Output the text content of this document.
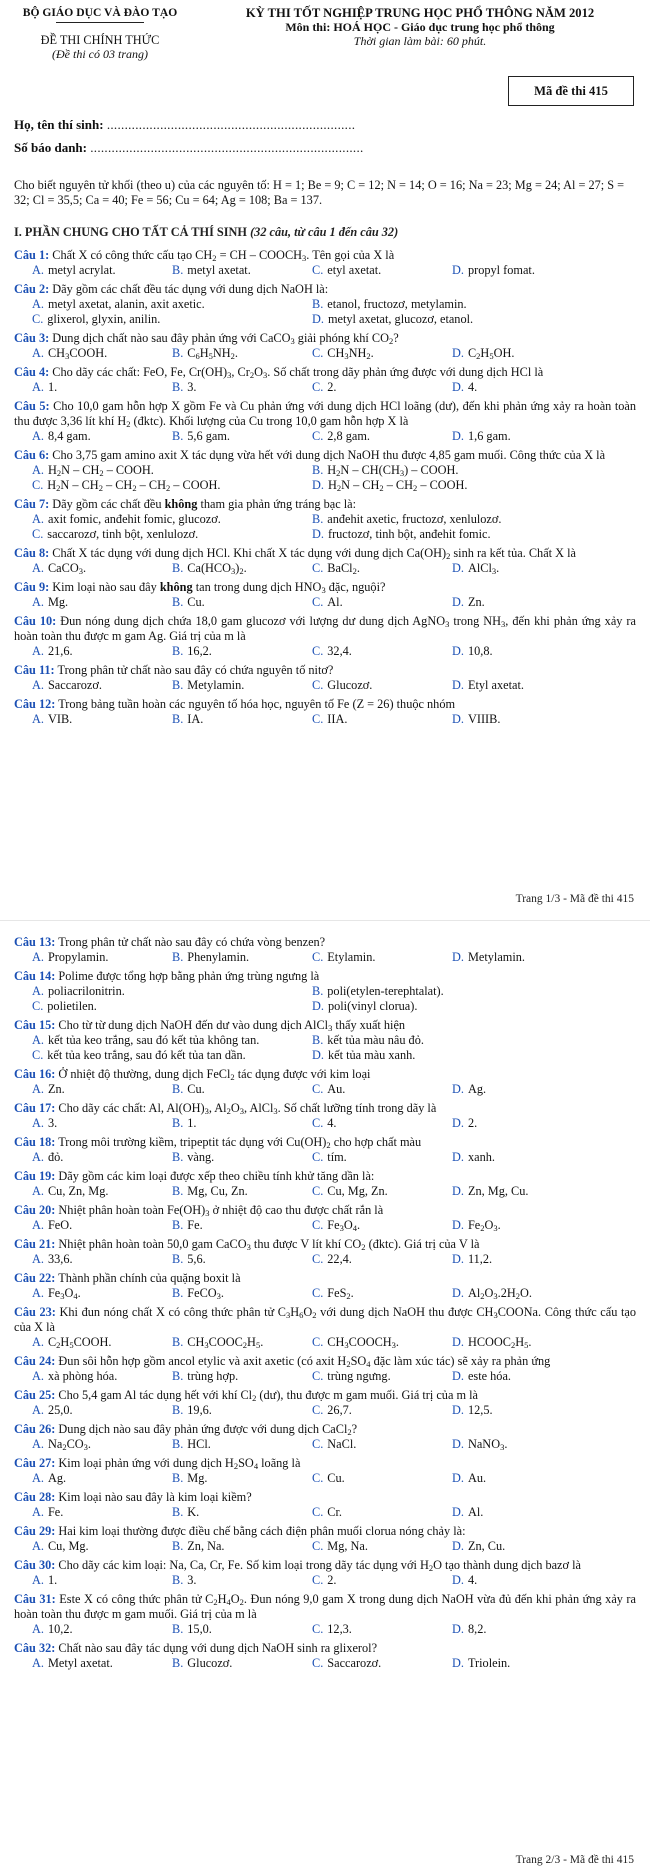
BỘ GIÁO DỤC VÀ ĐÀO TẠO
ĐỀ THI CHÍNH THỨC
(Đề thi có 03 trang)
KỲ THI TỐT NGHIỆP TRUNG HỌC PHỔ THÔNG NĂM 2012
Môn thi: HOÁ HỌC - Giáo dục trung học phổ thông
Thời gian làm bài: 60 phút.
Mã đề thi 415
Họ, tên thí sinh: ......................................................................
Số báo danh: .............................................................................
Cho biết nguyên tử khối (theo u) của các nguyên tố: H = 1; Be = 9; C = 12; N = 14; O = 16; Na = 23; Mg = 24; Al = 27; S = 32; Cl = 35,5; Ca = 40; Fe = 56; Cu = 64; Ag = 108; Ba = 137.
I. PHẦN CHUNG CHO TẤT CẢ THÍ SINH (32 câu, từ câu 1 đến câu 32)
Câu 1: Chất X có công thức cấu tạo $CH_2$ = CH – $COOCH_3$. Tên gọi của X là
A. metyl acrylat.	B. metyl axetat.	C. etyl axetat.	D. propyl fomat.
Câu 2: Dãy gồm các chất đều tác dụng với dung dịch NaOH là:
A. metyl axetat, alanin, axit axetic.	B. etanol, fructozơ, metylamin.
C. glixerol, glyxin, anilin.	D. metyl axetat, glucozơ, etanol.
Câu 3: Dung dịch chất nào sau đây phản ứng với CaCO$_3$ giải phóng khí $CO_2$?
A. $CH_3COOH$.	B. $C_6H_5NH_2$.	C. $CH_3NH_2$.	D. $C_2H_5OH$.
Câu 4: Cho dãy các chất: FeO, Fe, $Cr(OH)_3$, $Cr_2O_3$. Số chất trong dãy phản ứng được với dung dịch HCl là
A. 1.	B. 3.	C. 2.	D. 4.
Câu 5: Cho 10,0 gam hỗn hợp X gồm Fe và Cu phản ứng với dung dịch HCl loãng (dư), đến khi phản ứng xảy ra hoàn toàn thu được 3,36 lít khí $H_2$ (đktc). Khối lượng của Cu trong 10,0 gam hỗn hợp X là
A. 8,4 gam.	B. 5,6 gam.	C. 2,8 gam.	D. 1,6 gam.
Câu 6: Cho 3,75 gam amino axit X tác dụng vừa hết với dung dịch NaOH thu được 4,85 gam muối. Công thức của X là
A. $H_2N - CH_2$ – COOH.	B. $H_2N - CH(CH_3)$ – COOH.
C. $H_2N - CH_2 - CH_2 - CH_2$ – COOH.	D. $H_2N - CH_2 - CH_2$ – COOH.
Câu 7: Dãy gồm các chất đều không tham gia phản ứng tráng bạc là:
A. axit fomic, anđehit fomic, glucozơ.	B. anđehit axetic, fructozơ, xenlulozơ.
C. saccarozơ, tinh bột, xenlulozơ.	D. fructozơ, tinh bột, anđehit fomic.
Câu 8: Chất X tác dụng với dung dịch HCl. Khi chất X tác dụng với dung dịch $Ca(OH)_2$ sinh ra kết tủa. Chất X là
A. CaCO$_3$.	B. $Ca(HCO_3)_2$.	C. BaCl$_2$.	D. AlCl$_3$.
Câu 9: Kim loại nào sau đây không tan trong dung dịch $HNO_3$ đặc, nguội?
A. Mg.	B. Cu.	C. Al.	D. Zn.
Câu 10: Đun nóng dung dịch chứa 18,0 gam glucozơ với lượng dư dung dịch AgNO$_3$ trong $NH_3$, đến khi phản ứng xảy ra hoàn toàn thu được m gam Ag. Giá trị của m là
A. 21,6.	B. 16,2.	C. 32,4.	D. 10,8.
Câu 11: Trong phân tử chất nào sau đây có chứa nguyên tố nitơ?
A. Saccarozơ.	B. Metylamin.	C. Glucozơ.	D. Etyl axetat.
Câu 12: Trong bảng tuần hoàn các nguyên tố hóa học, nguyên tố Fe (Z = 26) thuộc nhóm
A. VIB.	B. IA.	C. IIA.	D. VIIIB.
Trang 1/3 - Mã đề thi 415
Câu 13: Trong phân tử chất nào sau đây có chứa vòng benzen?
A. Propylamin.	B. Phenylamin.	C. Etylamin.	D. Metylamin.
Câu 14: Polime được tổng hợp bằng phản ứng trùng ngưng là
A. poliacrilonitrin.	B. poli(etylen-terephtalat).
C. polietilen.	D. poli(vinyl clorua).
Câu 15: Cho từ từ dung dịch NaOH đến dư vào dung dịch AlCl$_3$ thấy xuất hiện
A. kết tủa keo trắng, sau đó kết tủa không tan.	B. kết tủa màu nâu đỏ.
C. kết tủa keo trắng, sau đó kết tủa tan dần.	D. kết tủa màu xanh.
Câu 16: Ở nhiệt độ thường, dung dịch FeCl$_2$ tác dụng được với kim loại
A. Zn.	B. Cu.	C. Au.	D. Ag.
Câu 17: Cho dãy các chất: Al, $Al(OH)_3$, $Al_2O_3$, AlCl$_3$. Số chất lưỡng tính trong dãy là
A. 3.	B. 1.	C. 4.	D. 2.
Câu 18: Trong môi trường kiềm, tripeptit tác dụng với $Cu(OH)_2$ cho hợp chất màu
A. đỏ.	B. vàng.	C. tím.	D. xanh.
Câu 19: Dãy gồm các kim loại được xếp theo chiều tính khử tăng dần là:
A. Cu, Zn, Mg.	B. Mg, Cu, Zn.	C. Cu, Mg, Zn.	D. Zn, Mg, Cu.
Câu 20: Nhiệt phân hoàn toàn $Fe(OH)_3$ ở nhiệt độ cao thu được chất rắn là
A. FeO.	B. Fe.	C. $Fe_3O_4$.	D. $Fe_2O_3$.
Câu 21: Nhiệt phân hoàn toàn 50,0 gam CaCO$_3$ thu được V lít khí $CO_2$ (đktc). Giá trị của V là
A. 33,6.	B. 5,6.	C. 22,4.	D. 11,2.
Câu 22: Thành phần chính của quặng boxit là
A. $Fe_3O_4$.	B. FeCO$_3$.	C. FeS$_2$.	D. $Al_2O_3.2H_2O$.
Câu 23: Khi đun nóng chất X có công thức phân tử $C_3H_6O_2$ với dung dịch NaOH thu được $CH_3COONa$. Công thức cấu tạo của X là
A. $C_2H_5COOH$.	B. $CH_3COOC_2H_5$.	C. $CH_3COOCH_3$.	D. $HCOOC_2H_5$.
Câu 24: Đun sôi hỗn hợp gồm ancol etylic và axit axetic (có axit $H_2SO_4$ đặc làm xúc tác) sẽ xảy ra phản ứng
A. xà phòng hóa.	B. trùng hợp.	C. trùng ngưng.	D. este hóa.
Câu 25: Cho 5,4 gam Al tác dụng hết với khí $Cl_2$ (dư), thu được m gam muối. Giá trị của m là
A. 25,0.	B. 19,6.	C. 26,7.	D. 12,5.
Câu 26: Dung dịch nào sau đây phản ứng được với dung dịch CaCl$_2$?
A. $Na_2CO_3$.	B. HCl.	C. NaCl.	D. NaNO$_3$.
Câu 27: Kim loại phản ứng với dung dịch $H_2SO_4$ loãng là
A. Ag.	B. Mg.	C. Cu.	D. Au.
Câu 28: Kim loại nào sau đây là kim loại kiềm?
A. Fe.	B. K.	C. Cr.	D. Al.
Câu 29: Hai kim loại thường được điều chế bằng cách điện phân muối clorua nóng chảy là:
A. Cu, Mg.	B. Zn, Na.	C. Mg, Na.	D. Zn, Cu.
Câu 30: Cho dãy các kim loại: Na, Ca, Cr, Fe. Số kim loại trong dãy tác dụng với $H_2O$ tạo thành dung dịch bazơ là
A. 1.	B. 3.	C. 2.	D. 4.
Câu 31: Este X có công thức phân tử $C_2H_4O_2$. Đun nóng 9,0 gam X trong dung dịch NaOH vừa đủ đến khi phản ứng xảy ra hoàn toàn thu được m gam muối. Giá trị của m là
A. 10,2.	B. 15,0.	C. 12,3.	D. 8,2.
Câu 32: Chất nào sau đây tác dụng với dung dịch NaOH sinh ra glixerol?
A. Metyl axetat.	B. Glucozơ.	C. Saccarozơ.	D. Triolein.
Trang 2/3 - Mã đề thi 415
